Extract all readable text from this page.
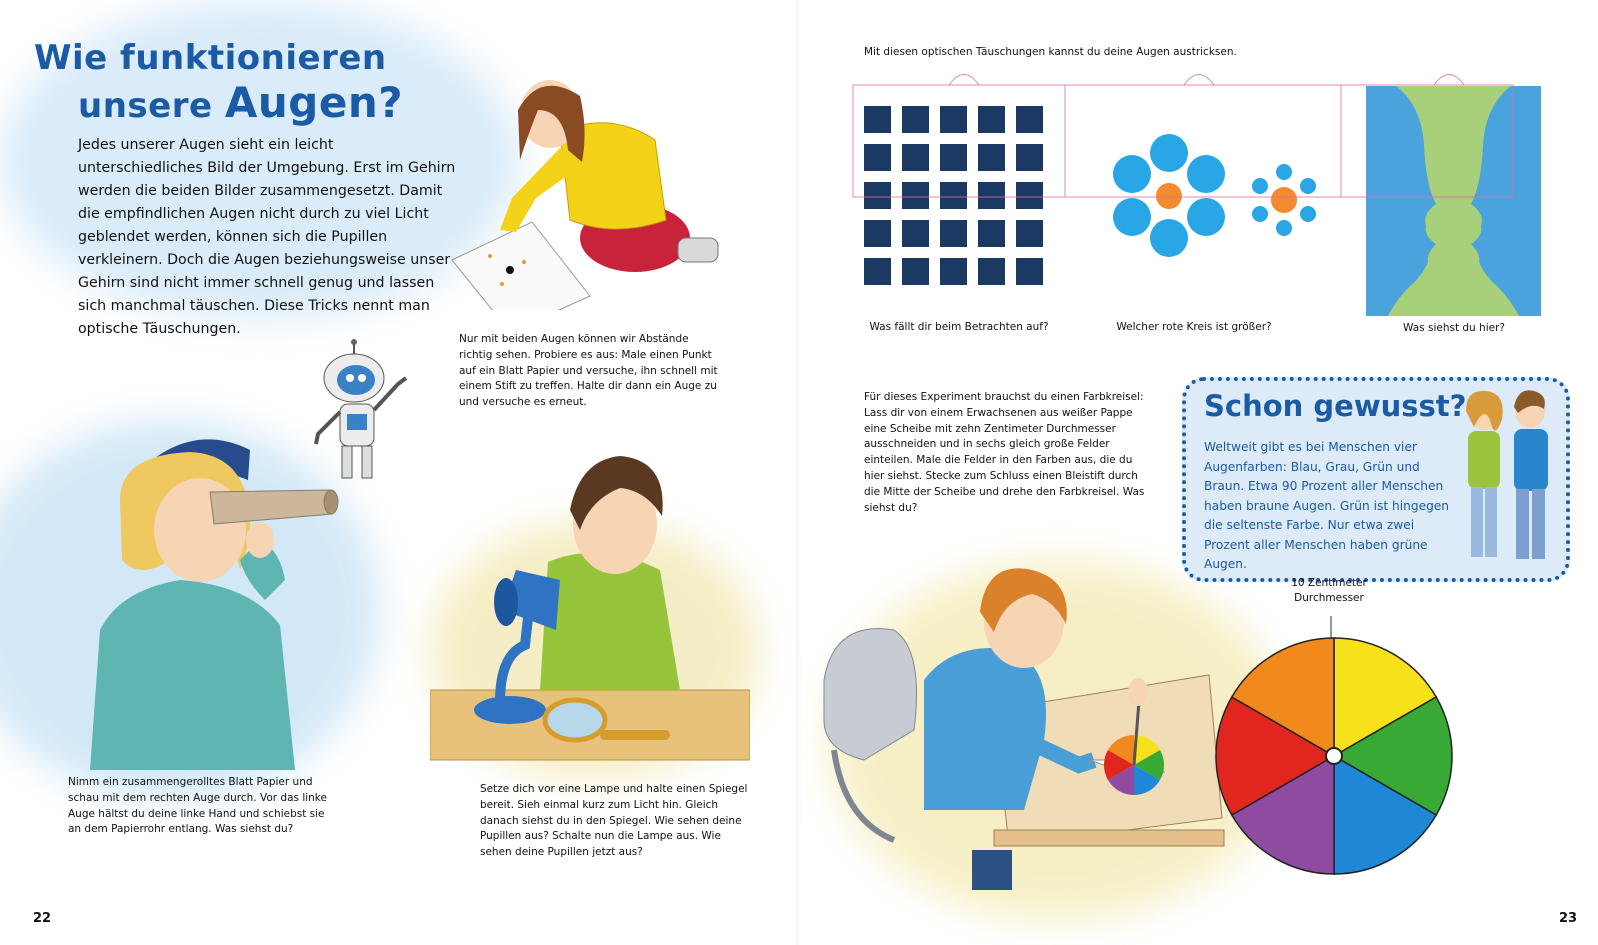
Wie funktionieren
unsere Augen?
Jedes unserer Augen sieht ein leicht unterschiedliches Bild der Umgebung. Erst im Gehirn werden die beiden Bilder zusammengesetzt. Damit die empfindlichen Augen nicht durch zu viel Licht geblendet werden, können sich die Pupillen verkleinern. Doch die Augen beziehungsweise unser Gehirn sind nicht immer schnell genug und lassen sich manchmal täuschen. Diese Tricks nennt man optische Täuschungen.
Nur mit beiden Augen können wir Abstände richtig sehen. Probiere es aus: Male einen Punkt auf ein Blatt Papier und versuche, ihn schnell mit einem Stift zu treffen. Halte dir dann ein Auge zu und versuche es erneut.
Nimm ein zusammengerolltes Blatt Papier und schau mit dem rechten Auge durch. Vor das linke Auge hältst du deine linke Hand und schiebst sie an dem Papierrohr entlang. Was siehst du?
Setze dich vor eine Lampe und halte einen Spiegel bereit. Sieh einmal kurz zum Licht hin. Gleich danach siehst du in den Spiegel. Wie sehen deine Pupillen aus? Schalte nun die Lampe aus. Wie sehen deine Pupillen jetzt aus?
22
Mit diesen optischen Täuschungen kannst du deine Augen austricksen.
Was fällt dir beim Betrachten auf?	Welcher rote Kreis ist größer?	Was siehst du hier?
Für dieses Experiment brauchst du einen Farbkreisel: Lass dir von einem Erwachsenen aus weißer Pappe eine Scheibe mit zehn Zentimeter Durchmesser ausschneiden und in sechs gleich große Felder einteilen. Male die Felder in den Farben aus, die du hier siehst. Stecke zum Schluss einen Bleistift durch die Mitte der Scheibe und drehe den Farbkreisel. Was siehst du?
Schon gewusst?
Weltweit gibt es bei Menschen vier Augenfarben: Blau, Grau, Grün und Braun. Etwa 90 Prozent aller Menschen haben braune Augen. Grün ist hingegen die seltenste Farbe. Nur etwa zwei Prozent aller Menschen haben grüne Augen.
10 Zentimeter
Durchmesser
23
